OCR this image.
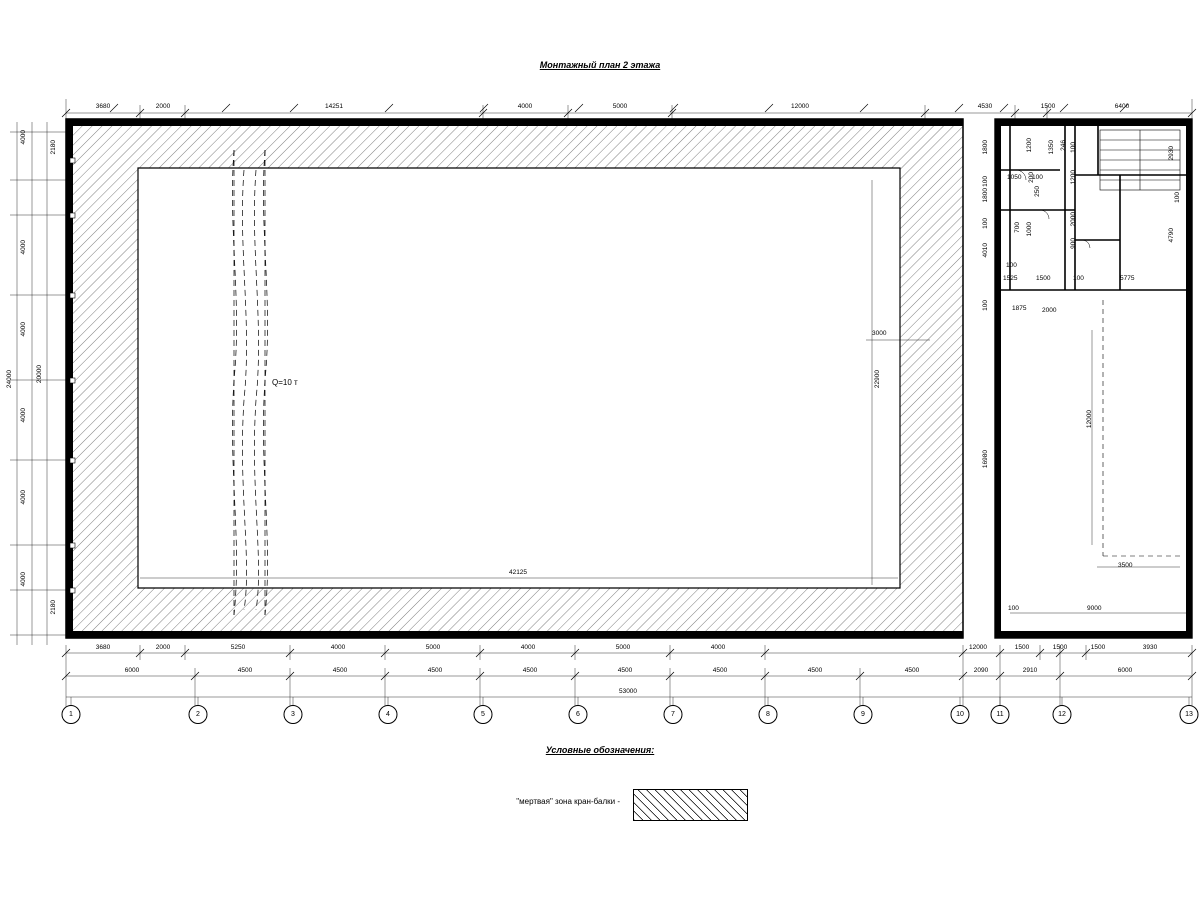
Монтажный план 2 этажа
Условные обозначения:
"мертвая" зона кран-балки -
3680	2000	14251	4000	5000	12000	4530	1500	6400
2180
4000
4000
4000
20000
24000
4000
4000
4000
2180
Q=10 т
42125
22900
3000
1800
100
1800
100
4010
100
16980
1050 100
700 1000
200
250
100
1525	1500	100
1875 2000
2000
1200
1200
1350 246 100
900
2930
100
4790
5775
12000
3500
100	9000
3680	2000	5250	4000	5000	4000	5000	4000	12000	1500	1500	1500	3930
6000	4500	4500	4500	4500	4500	4500	4500	4500	2090	2910	6000
53000
1	2	3	4	5	6	7	8	9	10	11	12	13
